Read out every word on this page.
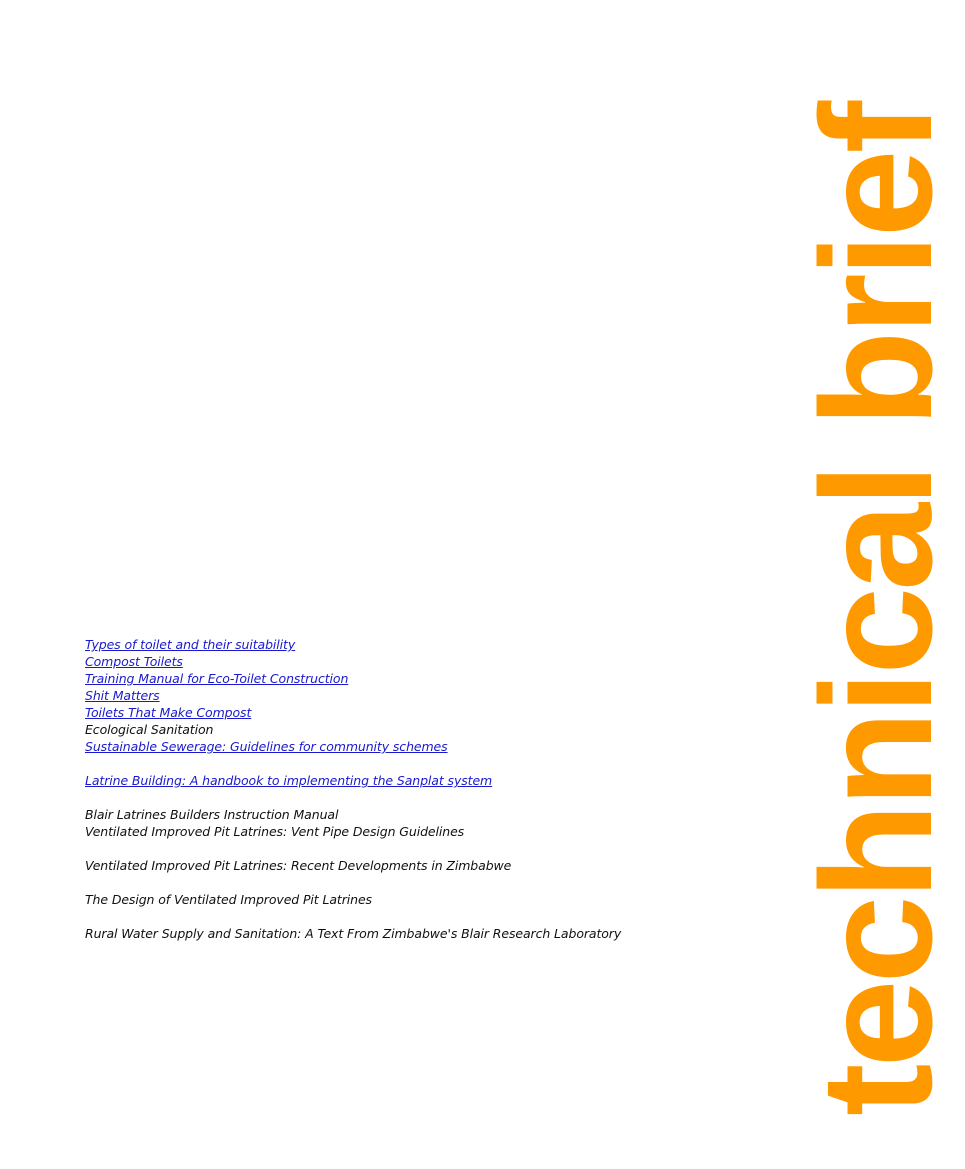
Types of toilet and their suitability
Compost Toilets
Training Manual for Eco-Toilet Construction
Shit Matters
Toilets That Make Compost
Ecological Sanitation
Sustainable Sewerage: Guidelines for community schemes
Latrine Building: A handbook to implementing the Sanplat system
Blair Latrines Builders Instruction Manual
Ventilated Improved Pit Latrines: Vent Pipe Design Guidelines
Ventilated Improved Pit Latrines: Recent Developments in Zimbabwe
The Design of Ventilated Improved Pit Latrines
Rural Water Supply and Sanitation: A Text From Zimbabwe's Blair Research Laboratory technical brief
